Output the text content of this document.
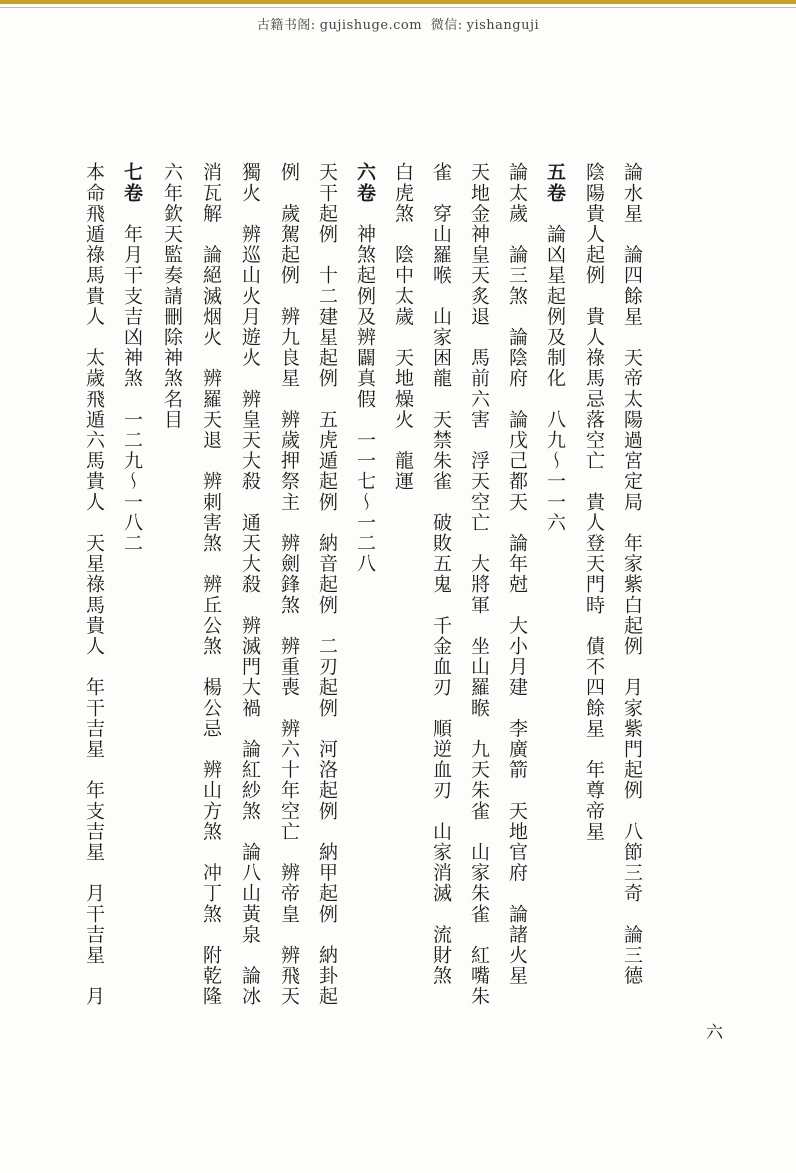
古籍书阁: gujishuge.com 微信: yishanguji
論水星　論四餘星　天帝太陽過宮定局　年家紫白起例　月家紫門起例　八節三奇　論三德
陰陽貴人起例　貴人祿馬忌落空亡　貴人登天門時　債不四餘星　年尊帝星
五卷　論凶星起例及制化　八九～一一六
論太歲　論三煞　論陰府　論戊己都天　論年尅　大小月建　李廣箭　天地官府　論諸火星
天地金神皇天炙退　馬前六害　浮天空亡　大將軍　坐山羅睺　九天朱雀　山家朱雀　紅嘴朱
雀　穿山羅喉　山家困龍　天禁朱雀　破敗五鬼　千金血刃　順逆血刃　山家消滅　流財煞
白虎煞　陰中太歲　天地燥火　龍運
六卷　神煞起例及辨闢真假　一一七～一二八
天干起例　十二建星起例　五虎遁起例　納音起例　二刃起例　河洛起例　納甲起例　納卦起
例　歲駕起例　辨九良星　辨歲押祭主　辨劍鋒煞　辨重喪　辨六十年空亡　辨帝皇　辨飛天
獨火　辨巡山火月遊火　辨皇天大殺　通天大殺　辨滅門大禍　論紅紗煞　論八山黃泉　論冰
消瓦解　論絕滅烟火　辨羅天退　辨刺害煞　辨丘公煞　楊公忌　辨山方煞　冲丁煞　附乾隆
六年欽天監奏請刪除神煞名目
七卷　年月干支吉凶神煞　一二九～一八二
本命飛遁祿馬貴人　太歲飛遁六馬貴人　天星祿馬貴人　年干吉星　年支吉星　月干吉星　月
六
